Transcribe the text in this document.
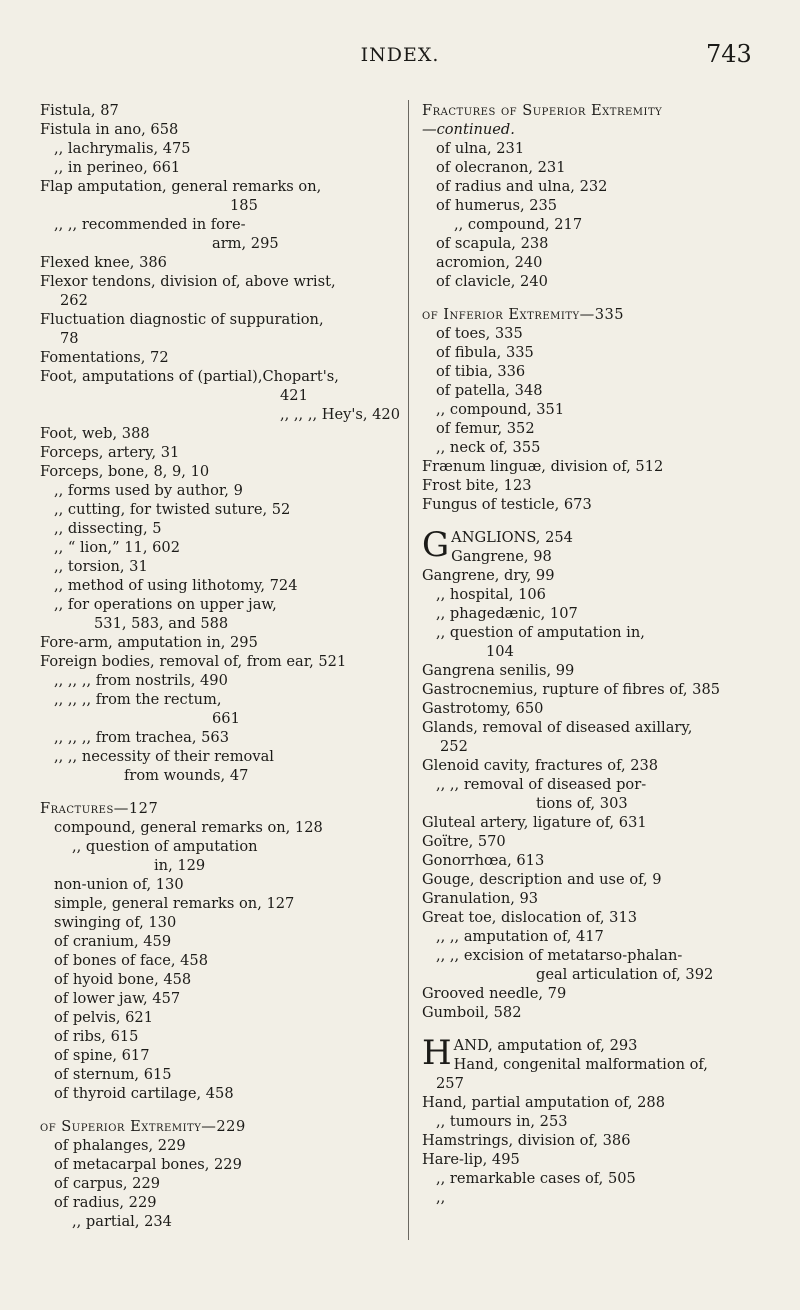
INDEX.	743
Fistula, 87
Fistula in ano, 658
,, lachrymalis, 475
,, in perineo, 661
Flap amputation, general remarks on,
185
,, ,, recommended in fore-
arm, 295
Flexed knee, 386
Flexor tendons, division of, above wrist,
262
Fluctuation diagnostic of suppuration,
78
Fomentations, 72
Foot, amputations of (partial),Chopart's,
421
,, ,, ,, Hey's, 420
Foot, web, 388
Forceps, artery, 31
Forceps, bone, 8, 9, 10
,, forms used by author, 9
,, cutting, for twisted suture, 52
,, dissecting, 5
,, “ lion,” 11, 602
,, torsion, 31
,, method of using lithotomy, 724
,, for operations on upper jaw,
531, 583, and 588
Fore-arm, amputation in, 295
Foreign bodies, removal of, from ear, 521
,, ,, ,, from nostrils, 490
,, ,, ,, from the rectum,
661
,, ,, ,, from trachea, 563
,, ,, necessity of their removal
from wounds, 47
Fractures—127
compound, general remarks on, 128
,, question of amputation
in, 129
non-union of, 130
simple, general remarks on, 127
swinging of, 130
of cranium, 459
of bones of face, 458
of hyoid bone, 458
of lower jaw, 457
of pelvis, 621
of ribs, 615
of spine, 617
of sternum, 615
of thyroid cartilage, 458
of Superior Extremity—229
of phalanges, 229
of metacarpal bones, 229
of carpus, 229
of radius, 229
,, partial, 234
Fractures of Superior Extremity
—continued.
of ulna, 231
of olecranon, 231
of radius and ulna, 232
of humerus, 235
,, compound, 217
of scapula, 238
acromion, 240
of clavicle, 240
of Inferior Extremity—335
of toes, 335
of fibula, 335
of tibia, 336
of patella, 348
,, compound, 351
of femur, 352
,, neck of, 355
Frænum linguæ, division of, 512
Frost bite, 123
Fungus of testicle, 673
GANGLIONS, 254
Gangrene, 98
Gangrene, dry, 99
,, hospital, 106
,, phagedænic, 107
,, question of amputation in,
104
Gangrena senilis, 99
Gastrocnemius, rupture of fibres of, 385
Gastrotomy, 650
Glands, removal of diseased axillary,
252
Glenoid cavity, fractures of, 238
,, ,, removal of diseased por-
tions of, 303
Gluteal artery, ligature of, 631
Goïtre, 570
Gonorrhœa, 613
Gouge, description and use of, 9
Granulation, 93
Great toe, dislocation of, 313
,, ,, amputation of, 417
,, ,, excision of metatarso-phalan-
geal articulation of, 392
Grooved needle, 79
Gumboil, 582
HAND, amputation of, 293
Hand, congenital malformation of,
257
Hand, partial amputation of, 288
,, tumours in, 253
Hamstrings, division of, 386
Hare-lip, 495
,, remarkable cases of, 505
,,
